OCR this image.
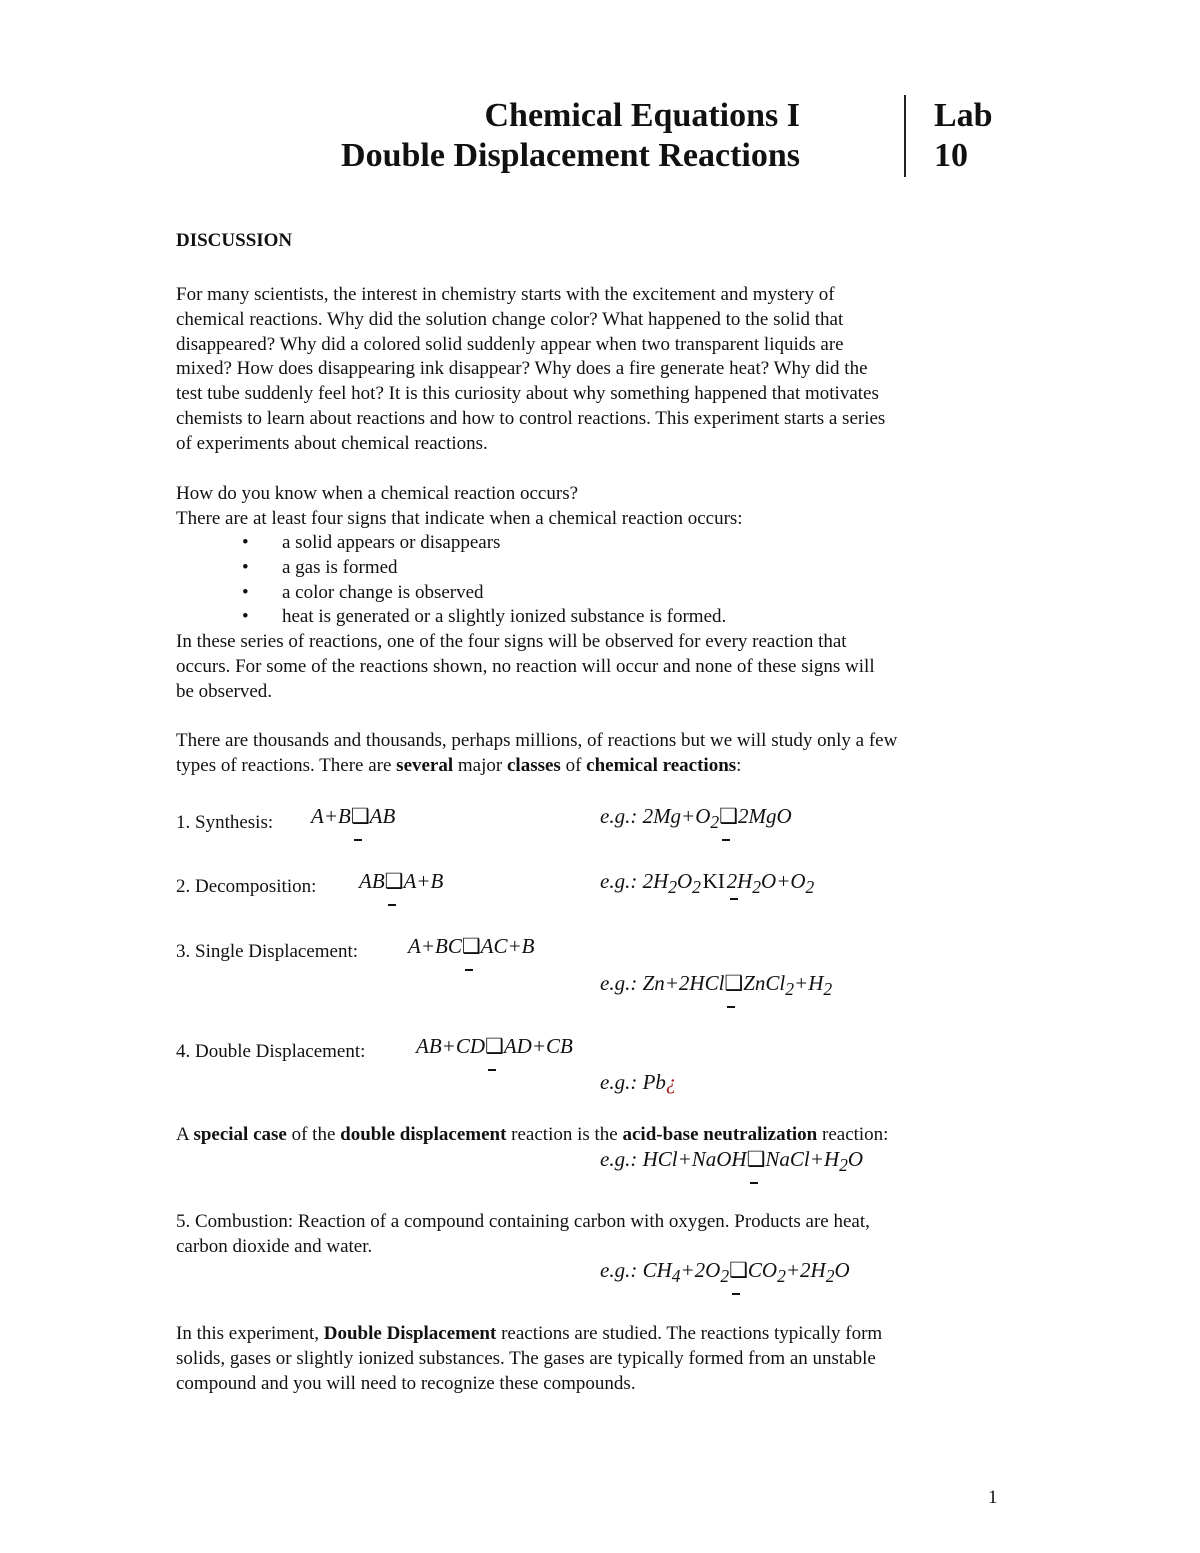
Chemical Equations I
Double Displacement Reactions
Lab
10
DISCUSSION
For many scientists, the interest in chemistry starts with the excitement and mystery of
chemical reactions. Why did the solution change color? What happened to the solid that
disappeared? Why did a colored solid suddenly appear when two transparent liquids are
mixed? How does disappearing ink disappear? Why does a fire generate heat? Why did the
test tube suddenly feel hot? It is this curiosity about why something happened that motivates
chemists to learn about reactions and how to control reactions. This experiment starts a series
of experiments about chemical reactions.
How do you know when a chemical reaction occurs?
There are at least four signs that indicate when a chemical reaction occurs:
• a solid appears or disappears
• a gas is formed
• a color change is observed
• heat is generated or a slightly ionized substance is formed.
In these series of reactions, one of the four signs will be observed for every reaction that
occurs. For some of the reactions shown, no reaction will occur and none of these signs will
be observed.
There are thousands and thousands, perhaps millions, of reactions but we will study only a few
types of reactions. There are several major classes of chemical reactions:
1. Synthesis: A+B❑AB	e.g.: $2Mg+O_2❑2MgO$
2. Decomposition: AB❑A+B	e.g.: $2H_2O_2$ KI $2H_2O+O_2$
3. Single Displacement: A+BC❑AC+B
e.g.: $Zn+2HCl❑ZnCl_2+H_2$
4. Double Displacement: AB+CD❑AD+CB
e.g.: Pb¿
A special case of the double displacement reaction is the acid-base neutralization reaction:
e.g.: $HCl+NaOH❑NaCl+H_2O$
5. Combustion: Reaction of a compound containing carbon with oxygen. Products are heat,
carbon dioxide and water.
e.g.: $CH_4+2O_2❑CO_2+2H_2O$
In this experiment, Double Displacement reactions are studied. The reactions typically form
solids, gases or slightly ionized substances. The gases are typically formed from an unstable
compound and you will need to recognize these compounds.
1
